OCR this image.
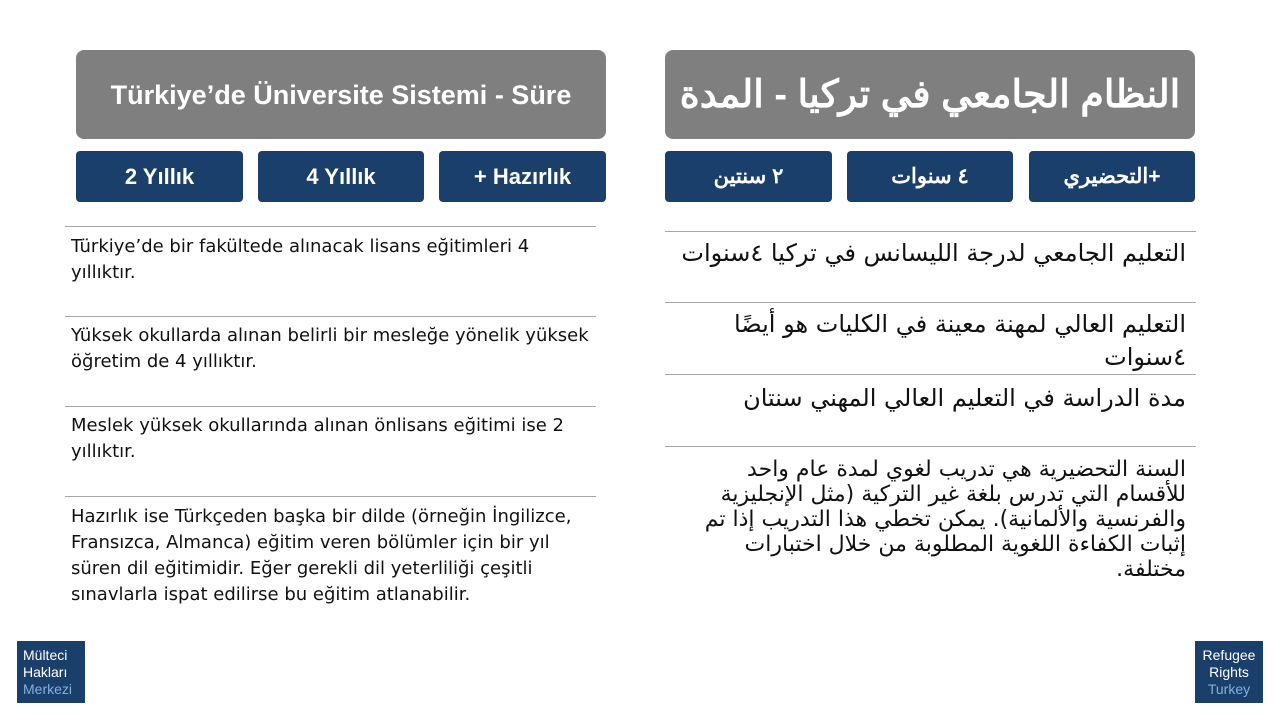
Türkiye’de Üniversite Sistemi - Süre
2 Yıllık	4 Yıllık	+ Hazırlık
Türkiye’de bir fakültede alınacak lisans eğitimleri 4 yıllıktır.
Yüksek okullarda alınan belirli bir mesleğe yönelik yüksek öğretim de 4 yıllıktır.
Meslek yüksek okullarında alınan önlisans eğitimi ise 2 yıllıktır.
Hazırlık ise Türkçeden başka bir dilde (örneğin İngilizce, Fransızca, Almanca) eğitim veren bölümler için bir yıl süren dil eğitimidir. Eğer gerekli dil yeterliliği çeşitli sınavlarla ispat edilirse bu eğitim atlanabilir.
النظام الجامعي في تركيا - المدة
+التحضيري
٤ سنوات
٢ سنتين
التعليم الجامعي لدرجة الليسانس في تركيا ٤سنوات
التعليم العالي لمهنة معينة في الكليات هو أيضًا ٤سنوات
مدة الدراسة في التعليم العالي المهني سنتان
السنة التحضيرية هي تدريب لغوي لمدة عام واحد للأقسام التي تدرس بلغة غير التركية (مثل الإنجليزية والفرنسية والألمانية). يمكن تخطي هذا التدريب إذا تم إثبات الكفاءة اللغوية المطلوبة من خلال اختبارات مختلفة.
Mülteci
Hakları
Merkezi
Refugee
Rights
Turkey
